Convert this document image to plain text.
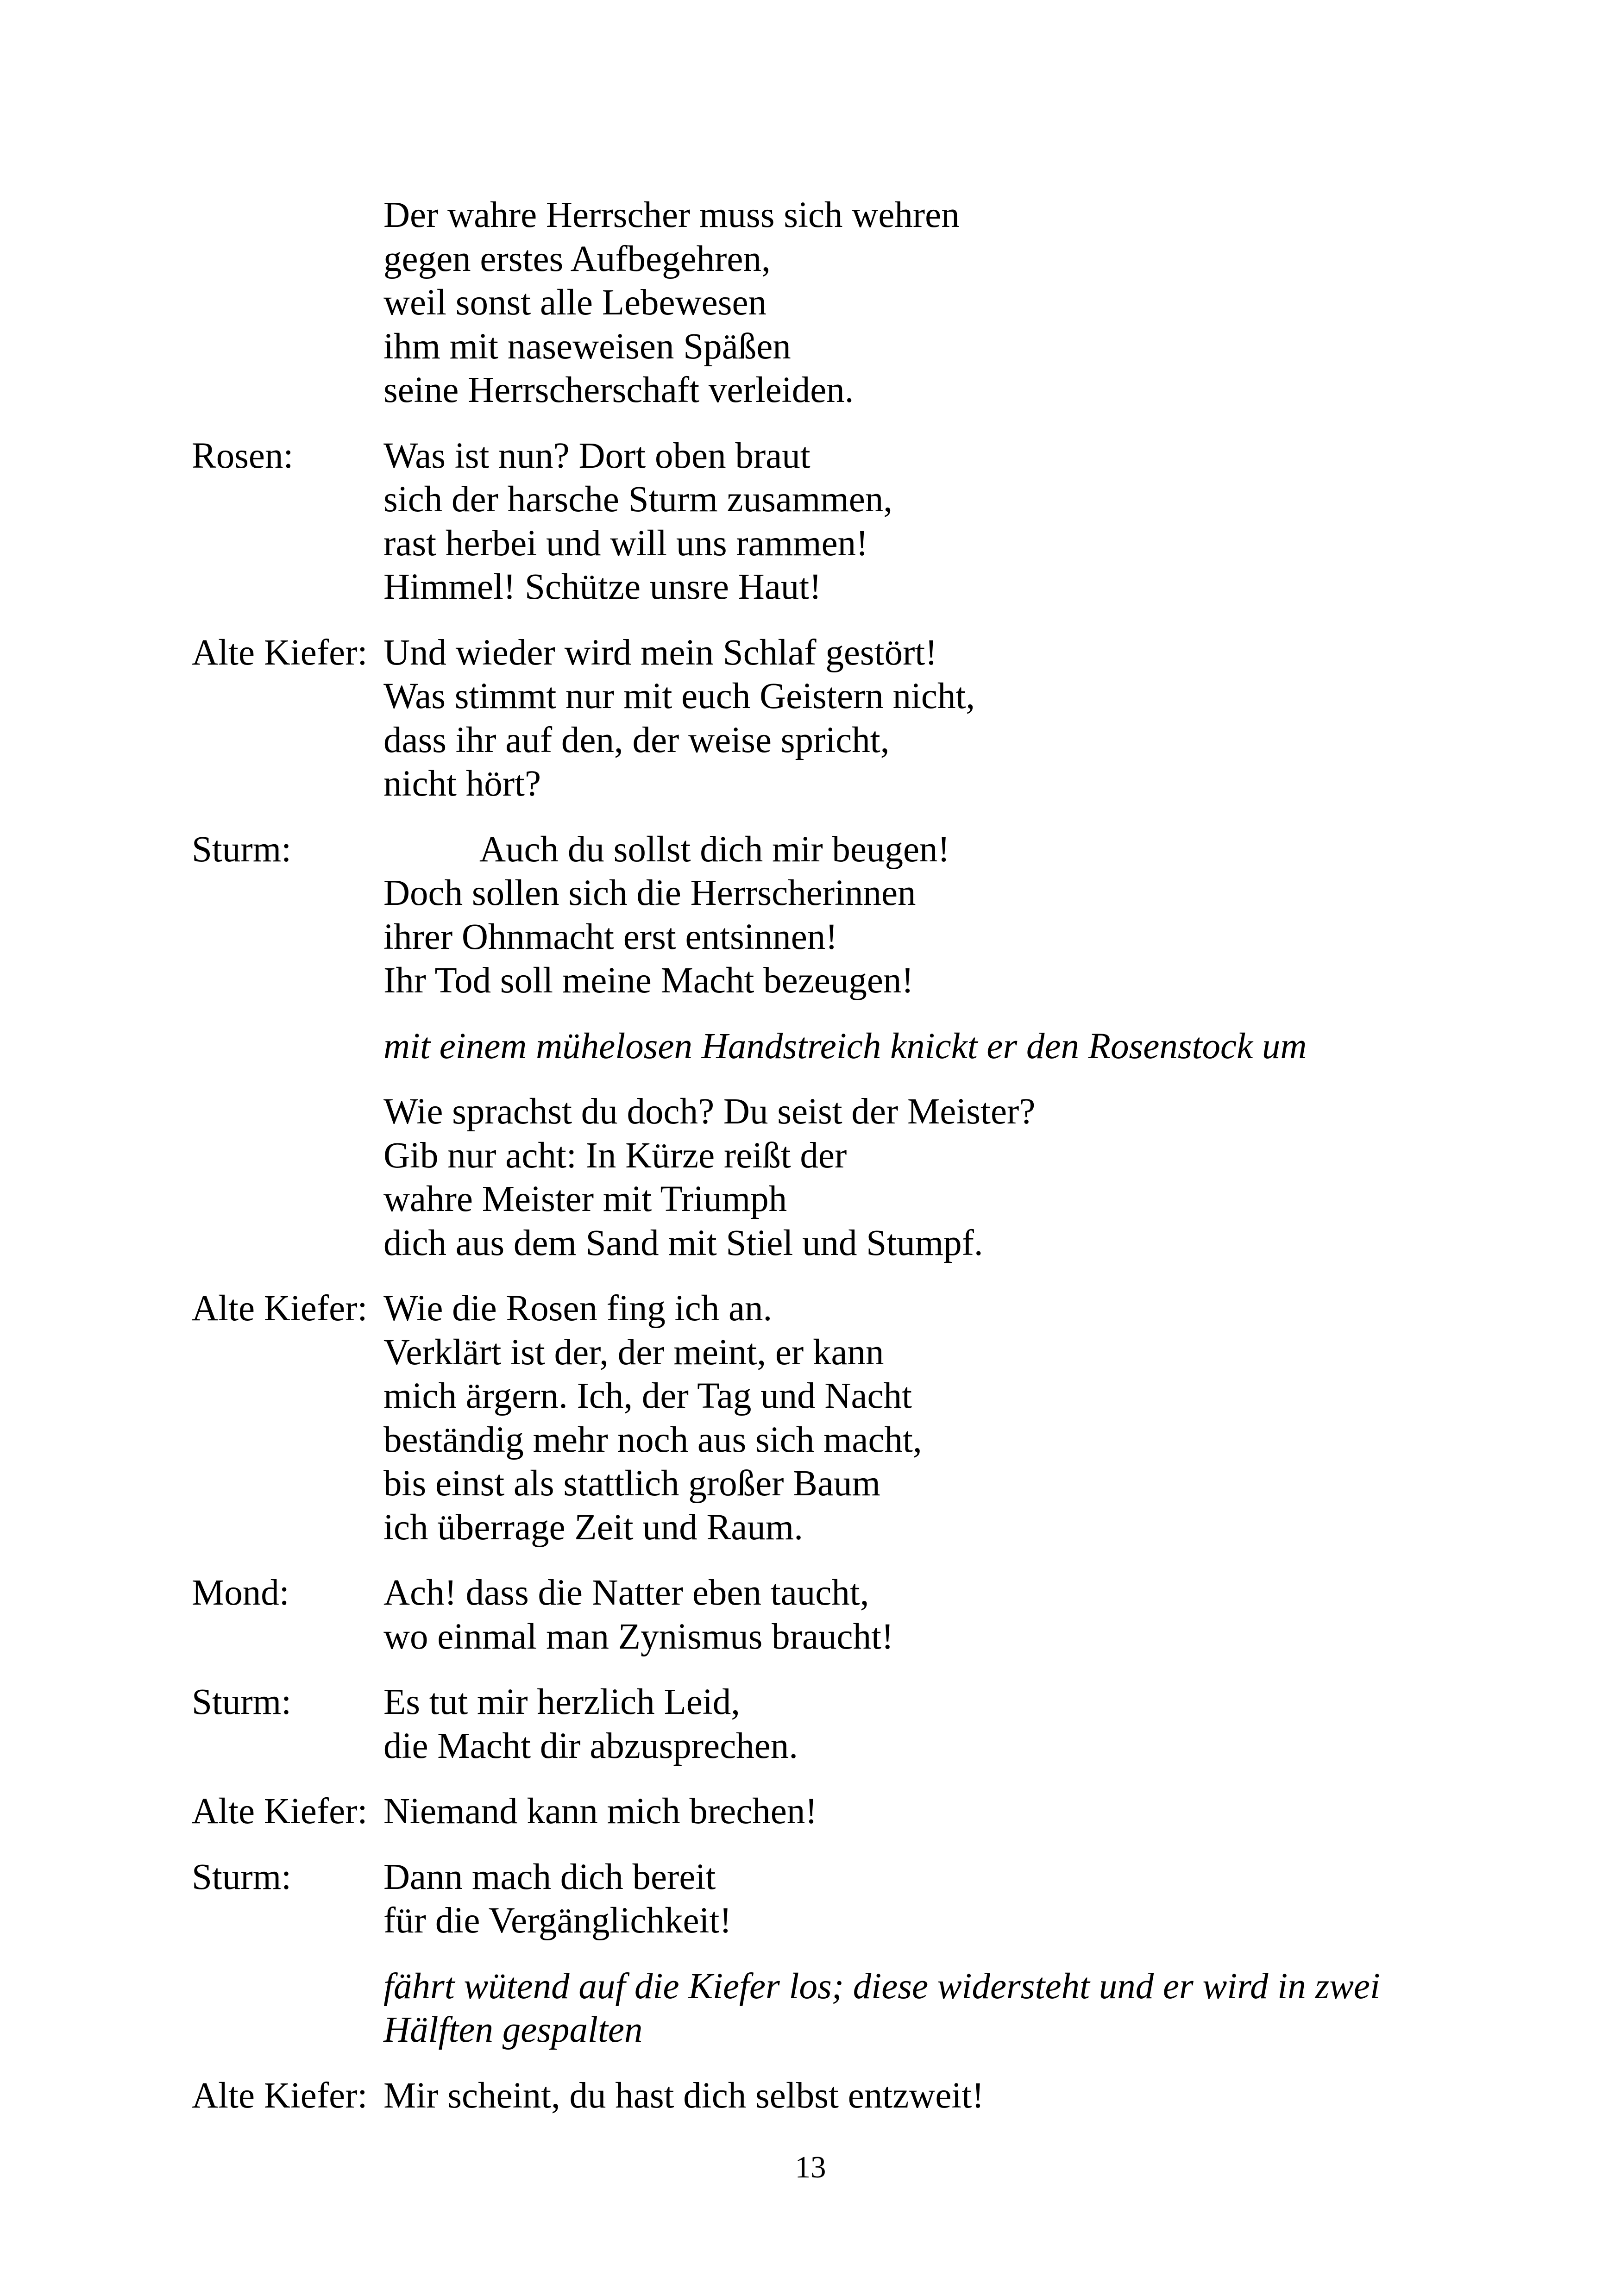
Der wahre Herrscher muss sich wehren
gegen erstes Aufbegehren,
weil sonst alle Lebewesen
ihm mit naseweisen Späßen
seine Herrscherschaft verleiden.
Rosen:	Was ist nun? Dort oben braut
sich der harsche Sturm zusammen,
rast herbei und will uns rammen!
Himmel! Schütze unsre Haut!
Alte Kiefer: Und wieder wird mein Schlaf gestört!
Was stimmt nur mit euch Geistern nicht,
dass ihr auf den, der weise spricht,
nicht hört?
Sturm:	Auch du sollst dich mir beugen!
Doch sollen sich die Herrscherinnen
ihrer Ohnmacht erst entsinnen!
Ihr Tod soll meine Macht bezeugen!
mit einem mühelosen Handstreich knickt er den Rosenstock um
Wie sprachst du doch? Du seist der Meister?
Gib nur acht: In Kürze reißt der
wahre Meister mit Triumph
dich aus dem Sand mit Stiel und Stumpf.
Alte Kiefer: Wie die Rosen fing ich an.
Verklärt ist der, der meint, er kann
mich ärgern. Ich, der Tag und Nacht
beständig mehr noch aus sich macht,
bis einst als stattlich großer Baum
ich überrage Zeit und Raum.
Mond:	Ach! dass die Natter eben taucht,
wo einmal man Zynismus braucht!
Sturm:	Es tut mir herzlich Leid,
die Macht dir abzusprechen.
Alte Kiefer: Niemand kann mich brechen!
Sturm:	Dann mach dich bereit
für die Vergänglichkeit!
fährt wütend auf die Kiefer los; diese widersteht und er wird in zwei Hälften gespalten
Alte Kiefer: Mir scheint, du hast dich selbst entzweit!
13
